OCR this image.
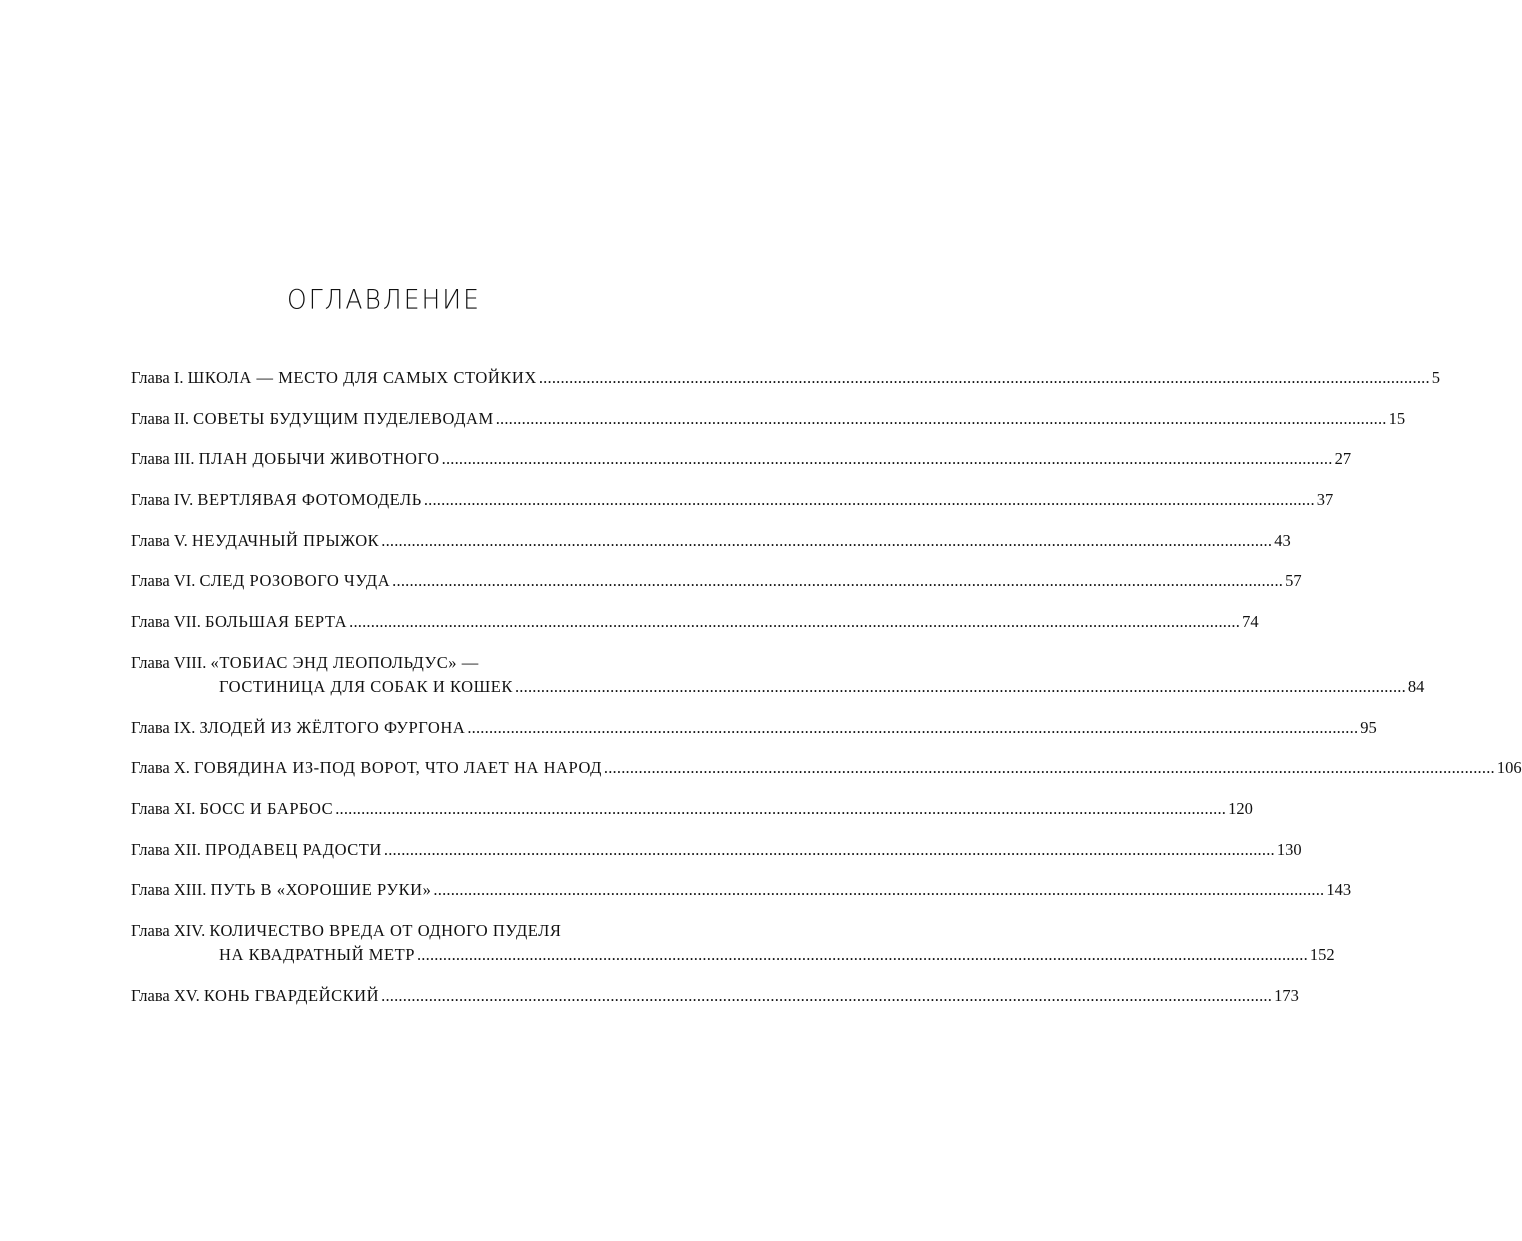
ОГЛАВЛЕНИЕ
Глава I.
ШКОЛА — МЕСТО ДЛЯ САМЫХ СТОЙКИХ .....	5
Глава II.
СОВЕТЫ БУДУЩИМ ПУДЕЛЕВОДАМ .....	15
Глава III.
ПЛАН ДОБЫЧИ ЖИВОТНОГО .....	27
Глава IV.
ВЕРТЛЯВАЯ ФОТОМОДЕЛЬ .....	37
Глава V.
НЕУДАЧНЫЙ ПРЫЖОК .....	43
Глава VI.
СЛЕД РОЗОВОГО ЧУДА .....	57
Глава VII.
БОЛЬШАЯ БЕРТА .....	74
Глава VIII.
«ТОБИАС ЭНД ЛЕОПОЛЬДУС» —
ГОСТИНИЦА ДЛЯ СОБАК И КОШЕК .....	84
Глава IX.
ЗЛОДЕЙ ИЗ ЖЁЛТОГО ФУРГОНА .....	95
Глава X.
ГОВЯДИНА ИЗ-ПОД ВОРОТ, ЧТО ЛАЕТ НА НАРОД .....	106
Глава XI.
БОСС И БАРБОС .....	120
Глава XII.
ПРОДАВЕЦ РАДОСТИ .....	130
Глава XIII.
ПУТЬ В «ХОРОШИЕ РУКИ» .....	143
Глава XIV.
КОЛИЧЕСТВО ВРЕДА ОТ ОДНОГО ПУДЕЛЯ
НА КВАДРАТНЫЙ МЕТР .....	152
Глава XV.
КОНЬ ГВАРДЕЙСКИЙ .....	173
